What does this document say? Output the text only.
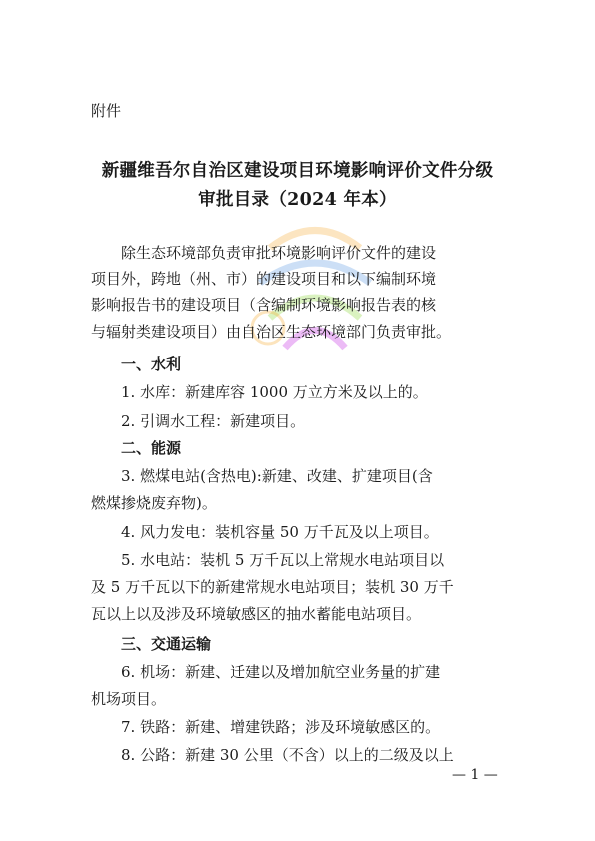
附件
新疆维吾尔自治区建设项目环境影响评价文件分级
审批目录（2024 年本）
除生态环境部负责审批环境影响评价文件的建设
项目外，跨地（州、市）的建设项目和以下编制环境
影响报告书的建设项目（含编制环境影响报告表的核
与辐射类建设项目）由自治区生态环境部门负责审批。
一、水利
1. 水库：新建库容 1000 万立方米及以上的。
2. 引调水工程：新建项目。
二、能源
3. 燃煤电站(含热电):新建、改建、扩建项目(含
燃煤掺烧废弃物)。
4. 风力发电：装机容量 50 万千瓦及以上项目。
5. 水电站：装机 5 万千瓦以上常规水电站项目以
及 5 万千瓦以下的新建常规水电站项目；装机 30 万千
瓦以上以及涉及环境敏感区的抽水蓄能电站项目。
三、交通运输
6. 机场：新建、迁建以及增加航空业务量的扩建
机场项目。
7. 铁路：新建、增建铁路；涉及环境敏感区的。
8. 公路：新建 30 公里（不含）以上的二级及以上
— 1 —
